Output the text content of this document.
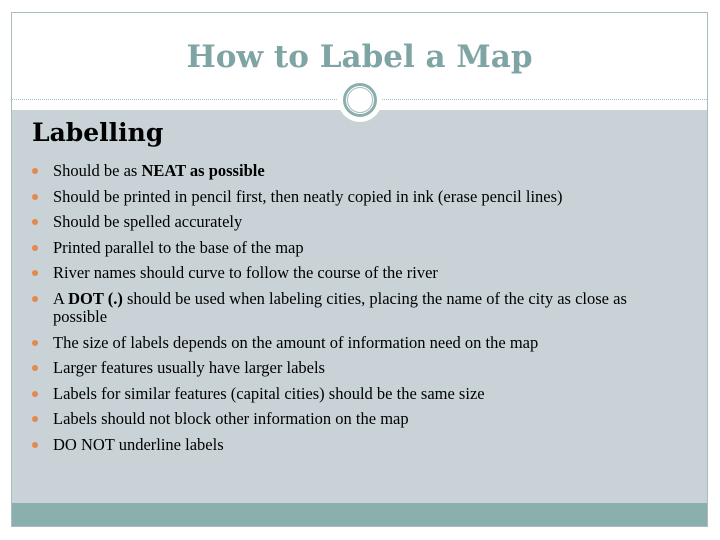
How to Label a Map
Labelling
Should be as NEAT as possible
Should be printed in pencil first, then neatly copied in ink (erase pencil lines)
Should be spelled accurately
Printed parallel to the base of the map
River names should curve to follow the course of the river
A DOT (.) should be used when labeling cities, placing the name of the city as close as possible
The size of labels depends on the amount of information need on the map
Larger features usually have larger labels
Labels for similar features (capital cities) should be the same size
Labels should not block other information on the map
DO NOT underline labels
